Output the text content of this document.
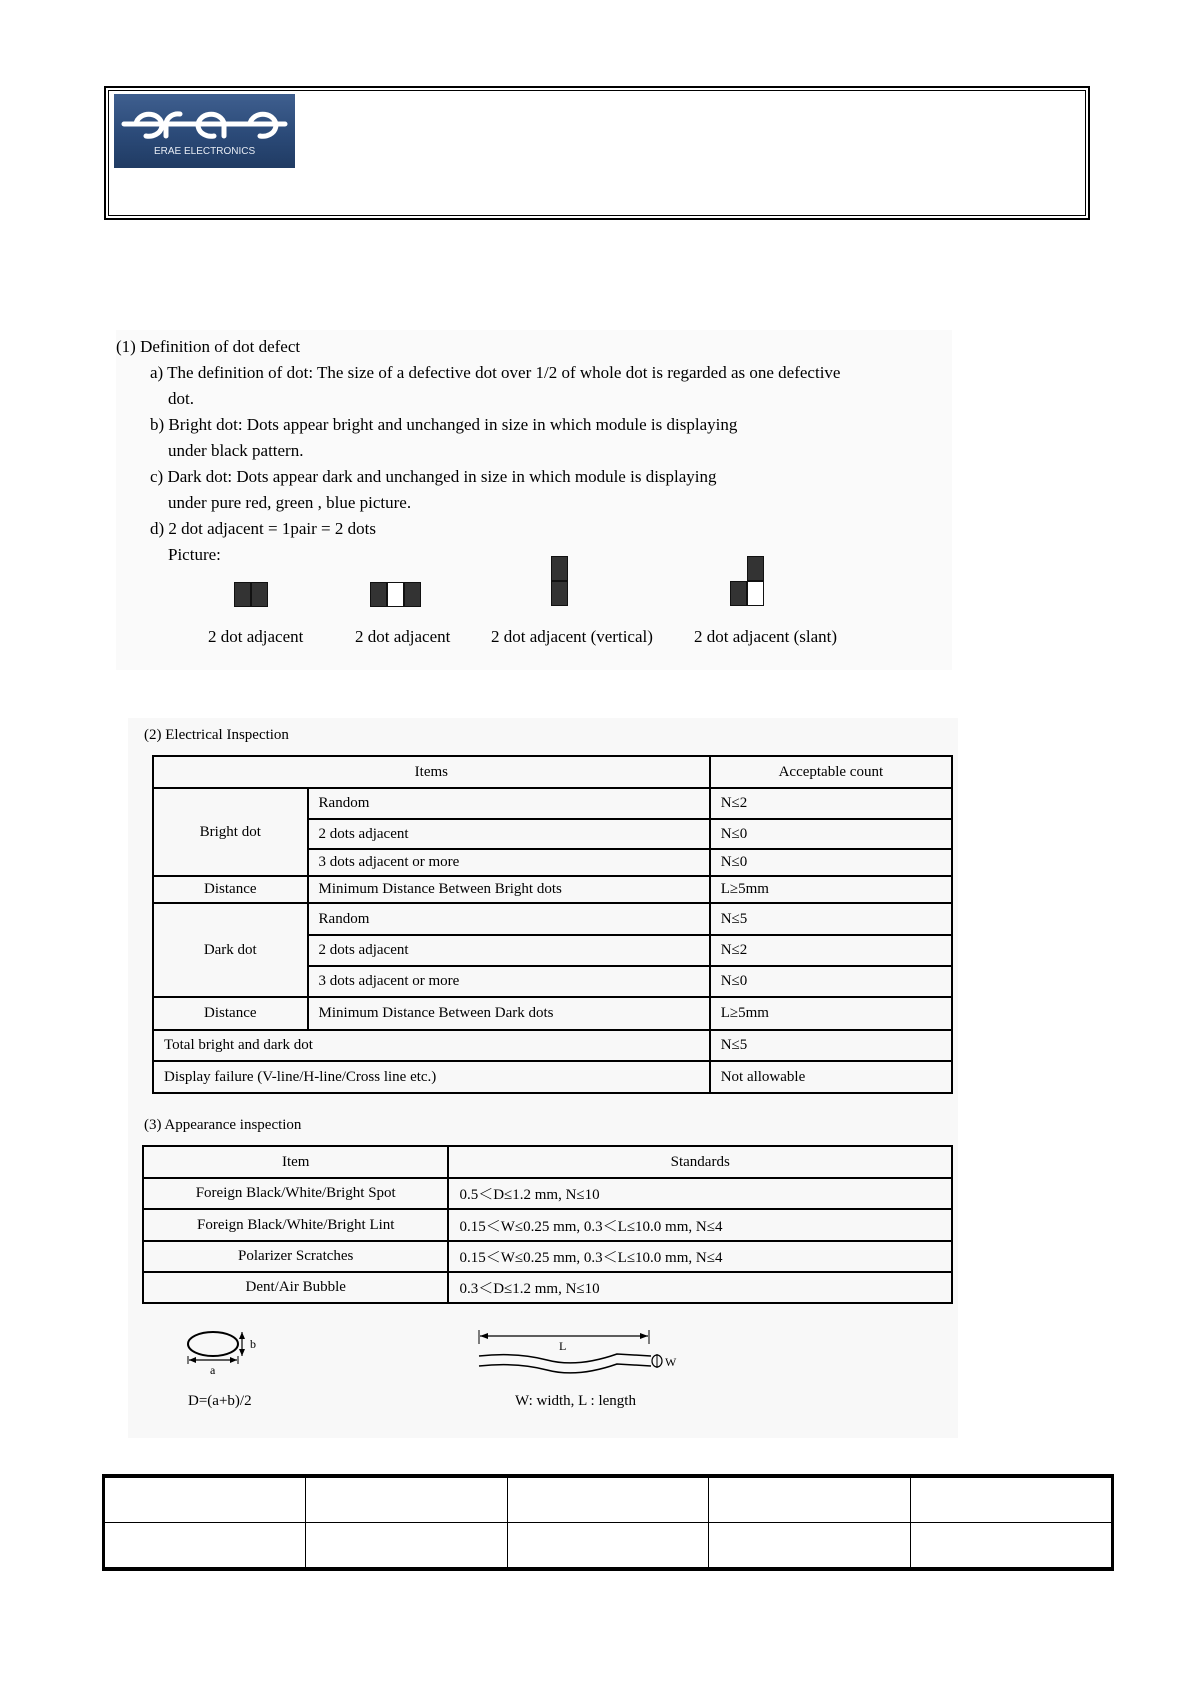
ERAE ELECTRONICS
(1) Definition of dot defect
a) The definition of dot: The size of a defective dot over 1/2 of whole dot is regarded as one defective
dot.
b) Bright dot: Dots appear bright and unchanged in size in which module is displaying
under black pattern.
c) Dark dot: Dots appear dark and unchanged in size in which module is displaying
under pure red, green , blue picture.
d) 2 dot adjacent = 1pair = 2 dots
Picture:
2 dot adjacent	2 dot adjacent 2 dot adjacent (vertical) 2 dot adjacent (slant)
(2) Electrical Inspection
Items		Acceptable count
Bright dot	Random	N≤2
	2 dots adjacent	N≤0
	3 dots adjacent or more	N≤0
Distance	Minimum Distance Between Bright dots	L≥5mm
Dark dot	Random	N≤5
	2 dots adjacent	N≤2
	3 dots adjacent or more	N≤0
Distance	Minimum Distance Between Dark dots	L≥5mm
Total bright and dark dot		N≤5
Display failure (V-line/H-line/Cross line etc.)		Not allowable
(3) Appearance inspection
Item	Standards
Foreign Black/White/Bright Spot	0.5＜D≤1.2 mm, N≤10
Foreign Black/White/Bright Lint	0.15＜W≤0.25 mm, 0.3＜L≤10.0 mm, N≤4
Polarizer Scratches	0.15＜W≤0.25 mm, 0.3＜L≤10.0 mm, N≤4
Dent/Air Bubble	0.3＜D≤1.2 mm, N≤10
b
a
D=(a+b)/2
L
W
W: width, L : length
